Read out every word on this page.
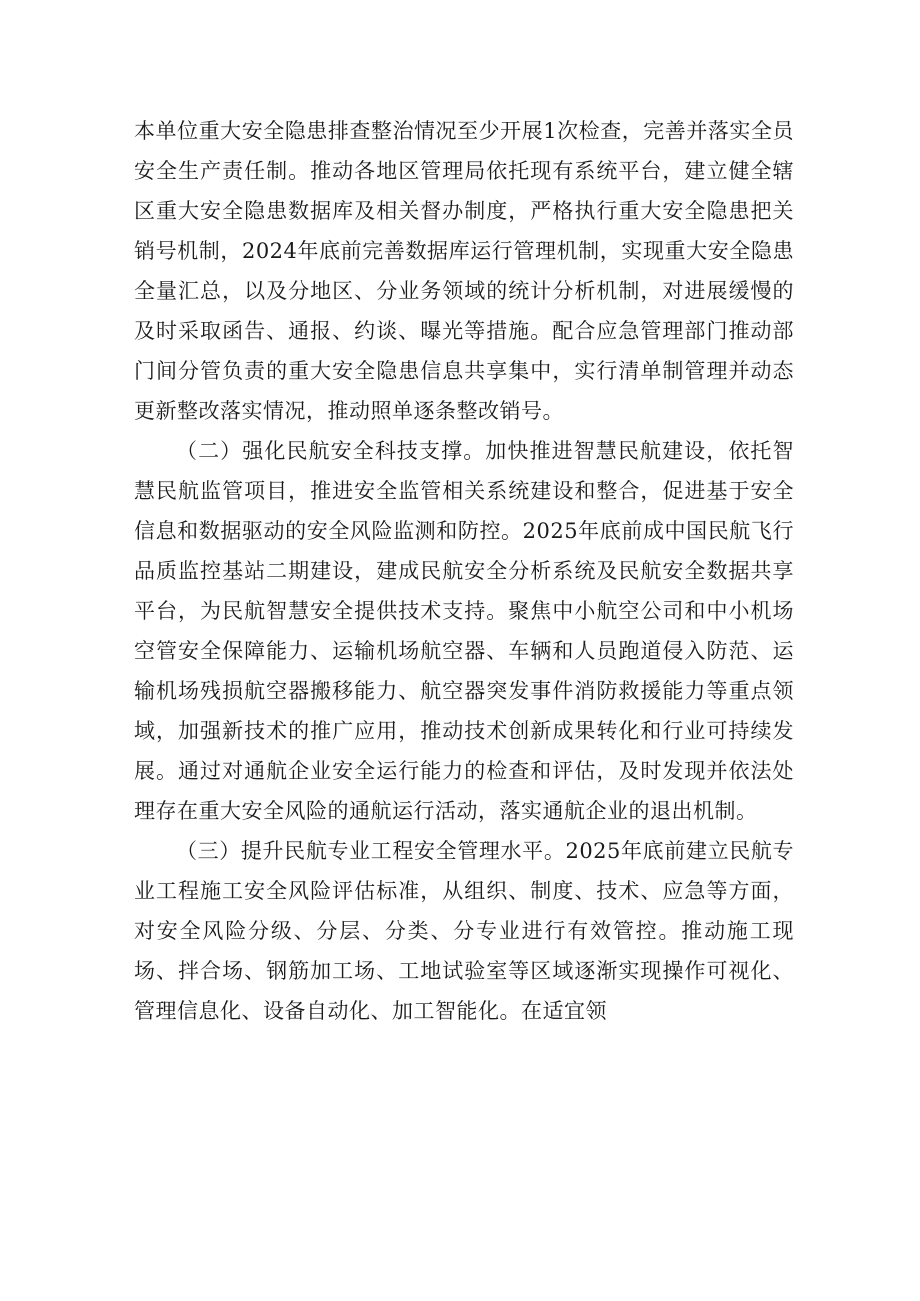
本单位重大安全隐患排查整治情况至少开展1次检查，完善并落实全员安全生产责任制。推动各地区管理局依托现有系统平台，建立健全辖区重大安全隐患数据库及相关督办制度，严格执行重大安全隐患把关销号机制，2024年底前完善数据库运行管理机制，实现重大安全隐患全量汇总，以及分地区、分业务领域的统计分析机制，对进展缓慢的及时采取函告、通报、约谈、曝光等措施。配合应急管理部门推动部门间分管负责的重大安全隐患信息共享集中，实行清单制管理并动态更新整改落实情况，推动照单逐条整改销号。

（二）强化民航安全科技支撑。加快推进智慧民航建设，依托智慧民航监管项目，推进安全监管相关系统建设和整合，促进基于安全信息和数据驱动的安全风险监测和防控。2025年底前成中国民航飞行品质监控基站二期建设，建成民航安全分析系统及民航安全数据共享平台，为民航智慧安全提供技术支持。聚焦中小航空公司和中小机场空管安全保障能力、运输机场航空器、车辆和人员跑道侵入防范、运输机场残损航空器搬移能力、航空器突发事件消防救援能力等重点领域，加强新技术的推广应用，推动技术创新成果转化和行业可持续发展。通过对通航企业安全运行能力的检查和评估，及时发现并依法处理存在重大安全风险的通航运行活动，落实通航企业的退出机制。

（三）提升民航专业工程安全管理水平。2025年底前建立民航专业工程施工安全风险评估标准，从组织、制度、技术、应急等方面，对安全风险分级、分层、分类、分专业进行有效管控。推动施工现场、拌合场、钢筋加工场、工地试验室等区域逐渐实现操作可视化、管理信息化、设备自动化、加工智能化。在适宜领
